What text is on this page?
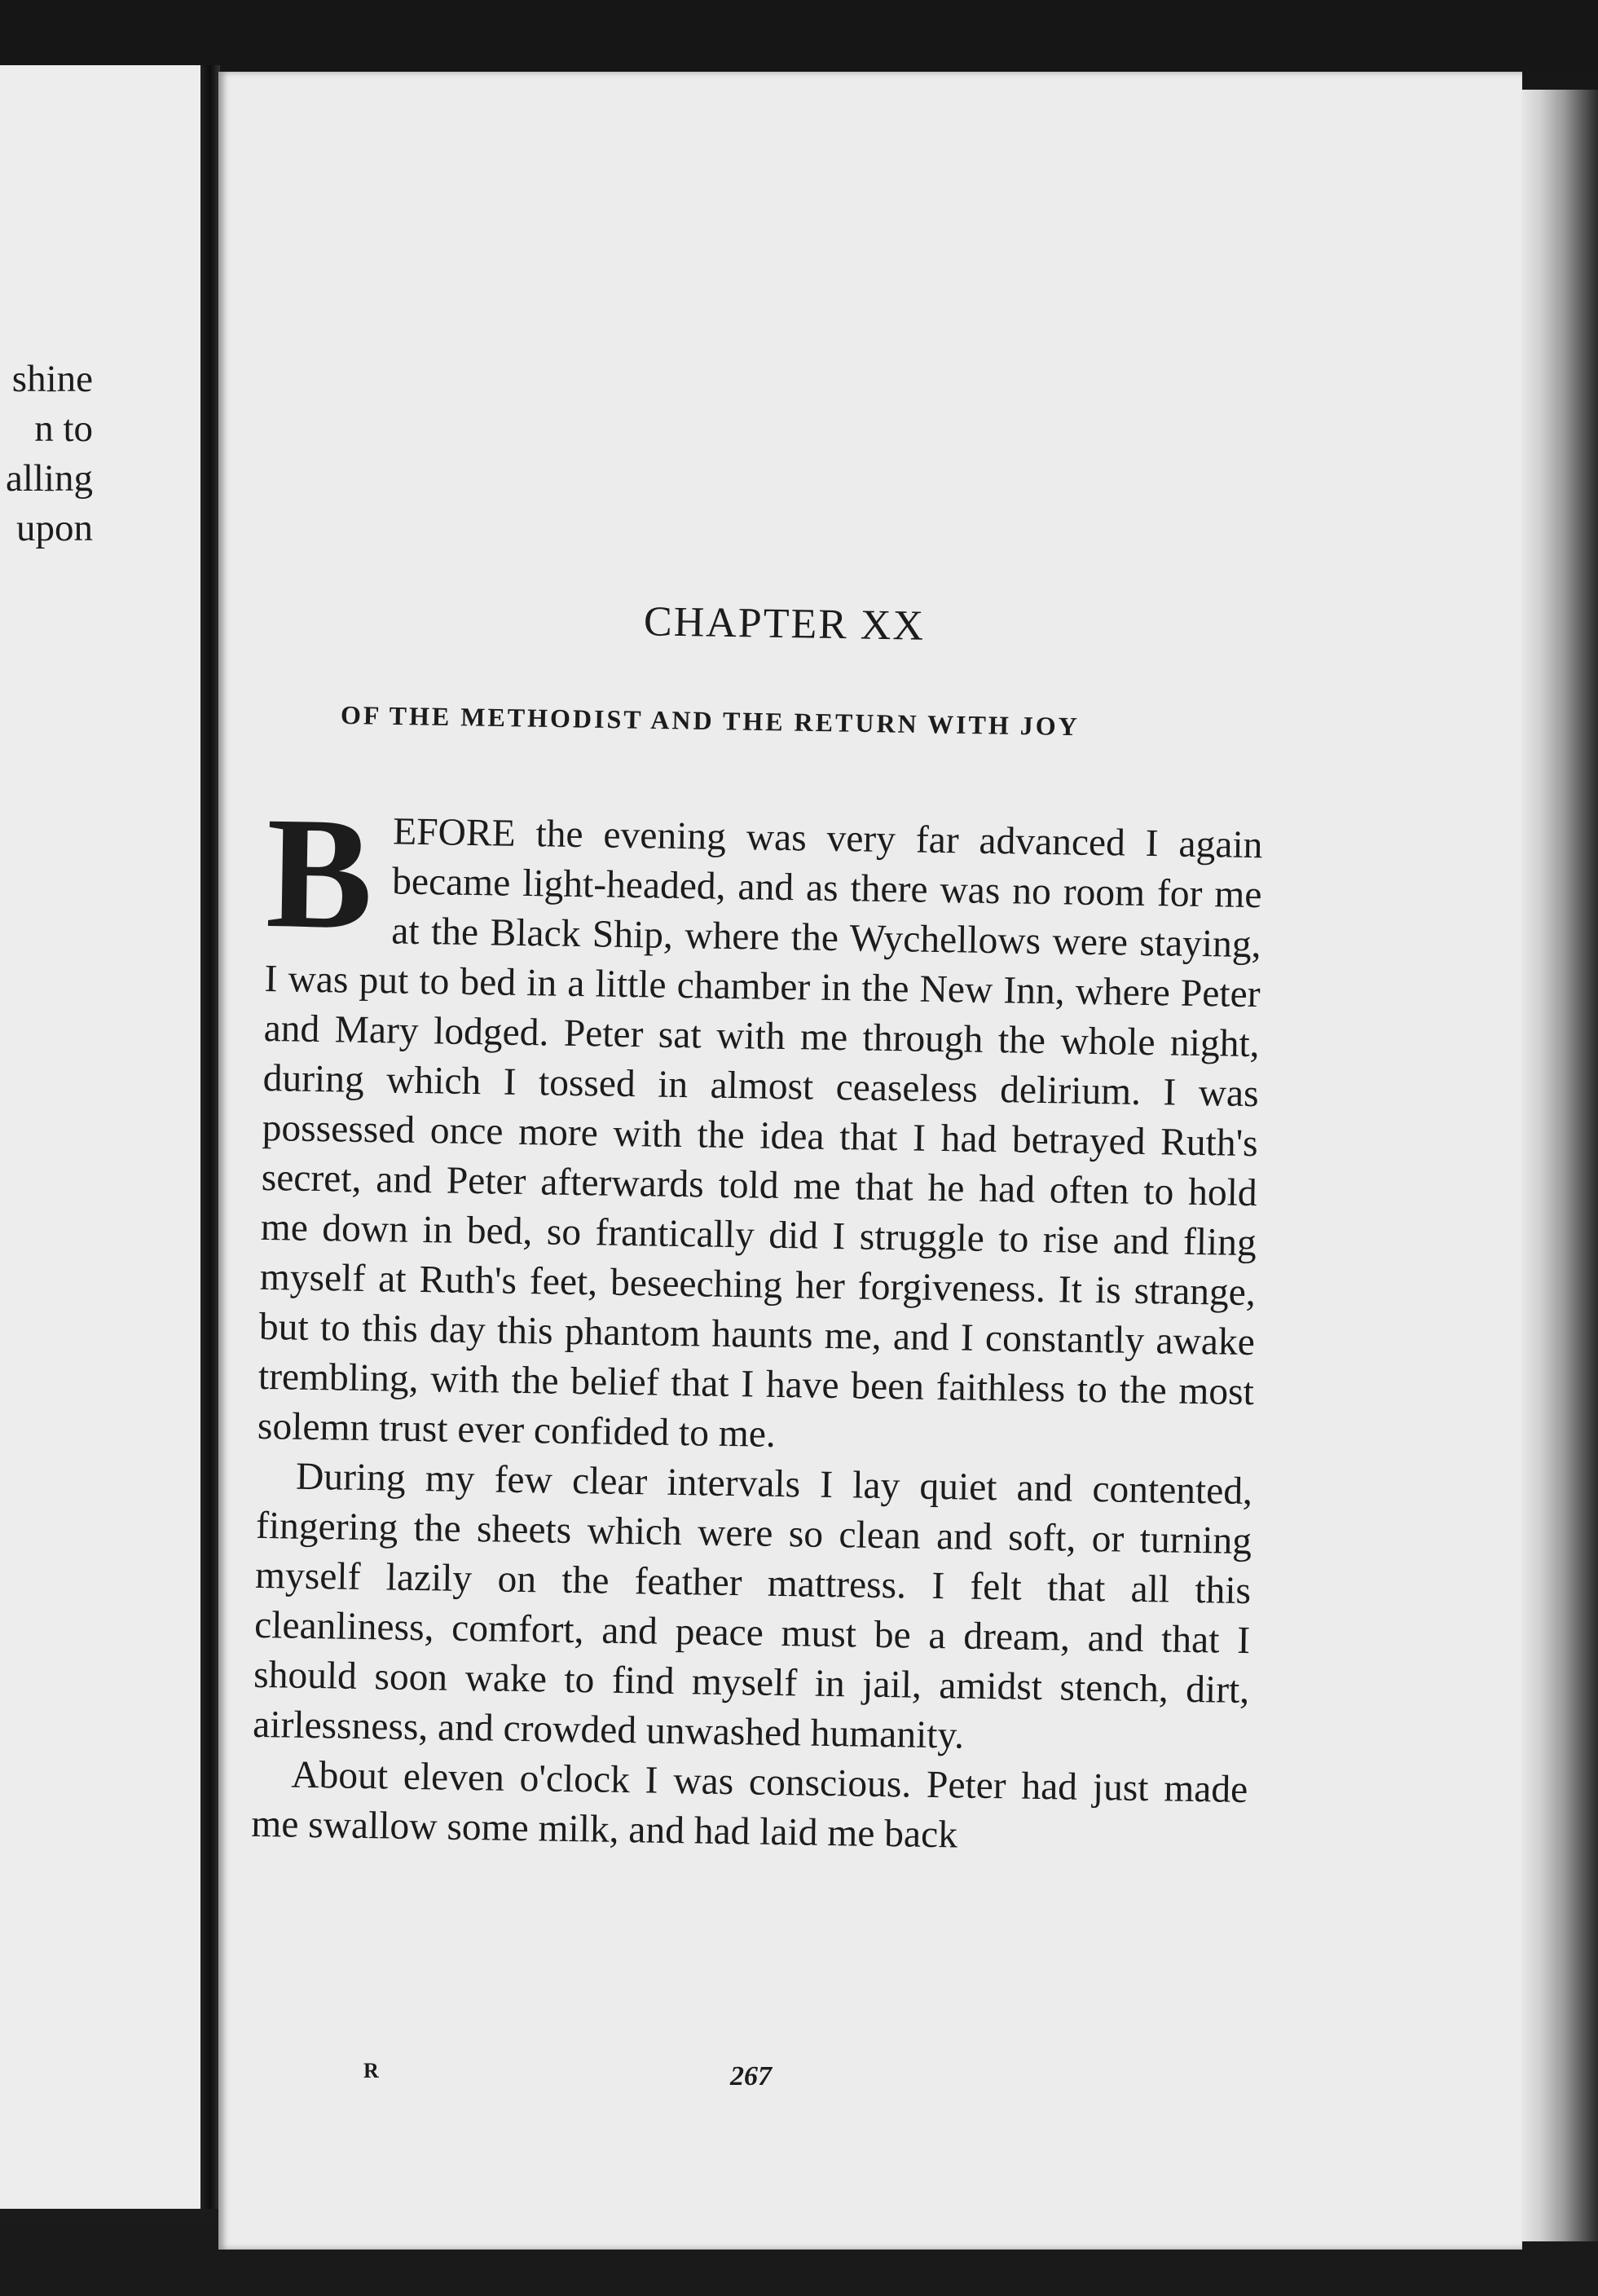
shine
n to
alling
upon
CHAPTER XX
OF THE METHODIST AND THE RETURN WITH JOY

BEFORE the evening was very far advanced I again became light-headed, and as there was no room for me at the Black Ship, where the Wychellows were staying, I was put to bed in a little chamber in the New Inn, where Peter and Mary lodged. Peter sat with me through the whole night, during which I tossed in almost ceaseless delirium. I was possessed once more with the idea that I had betrayed Ruth's secret, and Peter afterwards told me that he had often to hold me down in bed, so frantically did I struggle to rise and fling myself at Ruth's feet, beseeching her forgiveness. It is strange, but to this day this phantom haunts me, and I constantly awake trembling, with the belief that I have been faithless to the most solemn trust ever confided to me.

During my few clear intervals I lay quiet and contented, fingering the sheets which were so clean and soft, or turning myself lazily on the feather mattress. I felt that all this cleanliness, comfort, and peace must be a dream, and that I should soon wake to find myself in jail, amidst stench, dirt, airlessness, and crowded unwashed humanity.

About eleven o'clock I was conscious. Peter had just made me swallow some milk, and had laid me back

R	267
